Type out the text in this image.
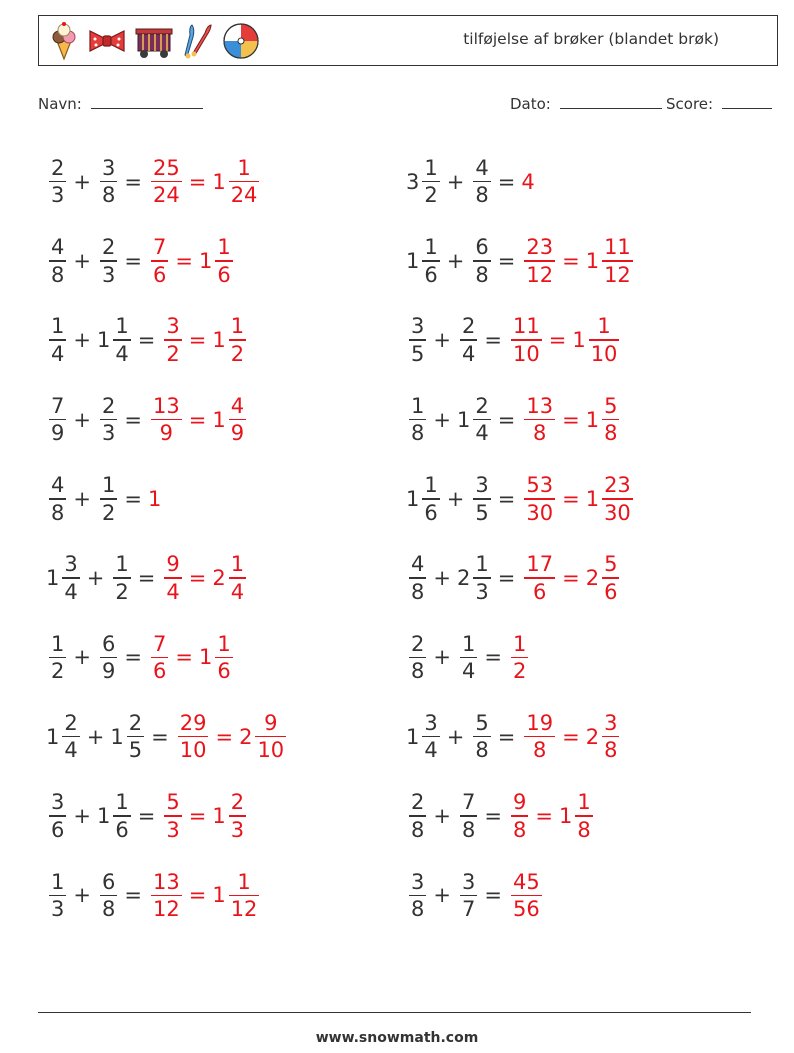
tilføjelse af brøker (blandet brøk)
Navn:	Dato:	Score:
$\frac{2}{3} + \frac{3}{8} = \frac{25}{24} = 1 \frac{1}{24}$
$\frac{4}{8} + \frac{2}{3} = \frac{7}{6} = 1 \frac{1}{6}$
$\frac{1}{4} + 1 \frac{1}{4} = \frac{3}{2} = 1 \frac{1}{2}$
$\frac{7}{9} + \frac{2}{3} = \frac{13}{9} = 1 \frac{4}{9}$
$\frac{4}{8} + \frac{1}{2} = 1$
$1 \frac{3}{4} + \frac{1}{2} = \frac{9}{4} = 2 \frac{1}{4}$
$\frac{1}{2} + \frac{6}{9} = \frac{7}{6} = 1 \frac{1}{6}$
$1 \frac{2}{4} + 1 \frac{2}{5} = \frac{29}{10} = 2 \frac{9}{10}$
$\frac{3}{6} + 1 \frac{1}{6} = \frac{5}{3} = 1 \frac{2}{3}$
$\frac{1}{3} + \frac{6}{8} = \frac{13}{12} = 1 \frac{1}{12}$
$3 \frac{1}{2} + \frac{4}{8} = 4$
$1 \frac{1}{6} + \frac{6}{8} = \frac{23}{12} = 1 \frac{11}{12}$
$\frac{3}{5} + \frac{2}{4} = \frac{11}{10} = 1 \frac{1}{10}$
$\frac{1}{8} + 1 \frac{2}{4} = \frac{13}{8} = 1 \frac{5}{8}$
$1 \frac{1}{6} + \frac{3}{5} = \frac{53}{30} = 1 \frac{23}{30}$
$\frac{4}{8} + 2 \frac{1}{3} = \frac{17}{6} = 2 \frac{5}{6}$
$\frac{2}{8} + \frac{1}{4} = \frac{1}{2}$
$1 \frac{3}{4} + \frac{5}{8} = \frac{19}{8} = 2 \frac{3}{8}$
$\frac{2}{8} + \frac{7}{8} = \frac{9}{8} = 1 \frac{1}{8}$
$\frac{3}{8} + \frac{3}{7} = \frac{45}{56}$
www.snowmath.com
